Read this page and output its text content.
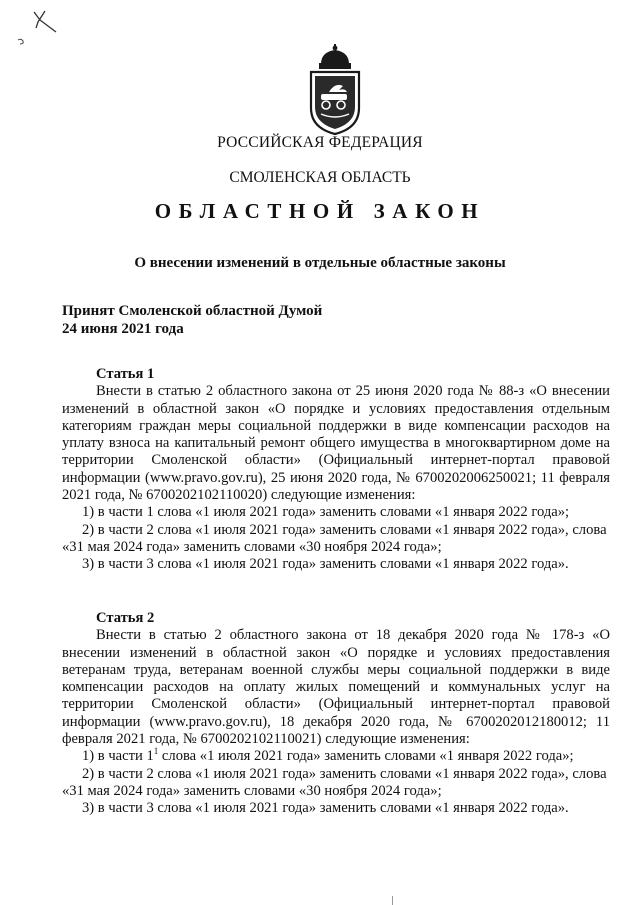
РОССИЙСКАЯ ФЕДЕРАЦИЯ
СМОЛЕНСКАЯ ОБЛАСТЬ
ОБЛАСТНОЙ ЗАКОН
О внесении изменений в отдельные областные законы
Принят Смоленской областной Думой
24 июня 2021 года
Статья 1

Внести в статью 2 областного закона от 25 июня 2020 года № 88-з «О внесении изменений в областной закон «О порядке и условиях предоставления отдельным категориям граждан меры социальной поддержки в виде компенсации расходов на уплату взноса на капитальный ремонт общего имущества в многоквартирном доме на территории Смоленской области» (Официальный интернет-портал правовой информации (www.pravo.gov.ru), 25 июня 2020 года, № 6700202006250021; 11 февраля 2021 года, № 6700202102110020) следующие изменения:

1) в части 1 слова «1 июля 2021 года» заменить словами «1 января 2022 года»;

2) в части 2 слова «1 июля 2021 года» заменить словами «1 января 2022 года», слова «31 мая 2024 года» заменить словами «30 ноября 2024 года»;

3) в части 3 слова «1 июля 2021 года» заменить словами «1 января 2022 года».

Статья 2

Внести в статью 2 областного закона от 18 декабря 2020 года № 178-з «О внесении изменений в областной закон «О порядке и условиях предоставления ветеранам труда, ветеранам военной службы меры социальной поддержки в виде компенсации расходов на оплату жилых помещений и коммунальных услуг на территории Смоленской области» (Официальный интернет-портал правовой информации (www.pravo.gov.ru), 18 декабря 2020 года, № 6700202012180012; 11 февраля 2021 года, № 6700202102110021) следующие изменения:

1) в части $1^1$ слова «1 июля 2021 года» заменить словами «1 января 2022 года»;

2) в части 2 слова «1 июля 2021 года» заменить словами «1 января 2022 года», слова «31 мая 2024 года» заменить словами «30 ноября 2024 года»;

3) в части 3 слова «1 июля 2021 года» заменить словами «1 января 2022 года».
